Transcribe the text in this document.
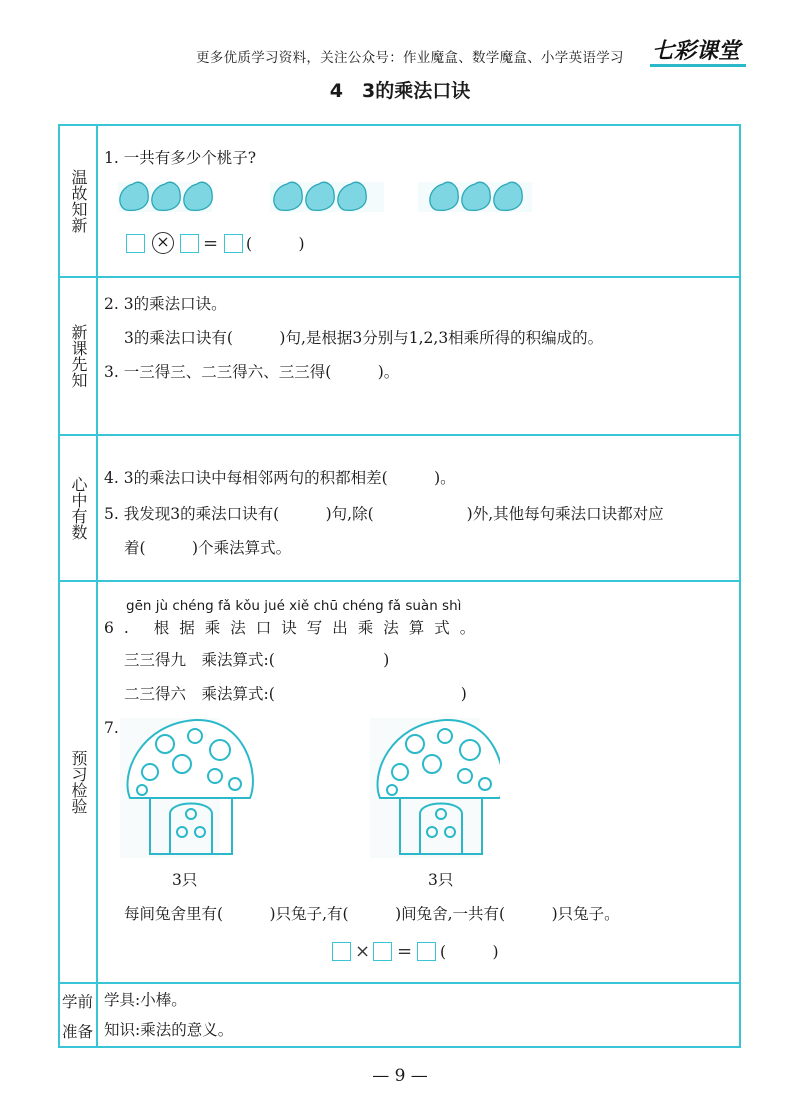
更多优质学习资料，关注公众号：作业魔盒、数学魔盒、小学英语学习 七彩课堂
4　3的乘法口诀
温故知新
新课先知
心中有数
预习检验
学前
准备
1. 一共有多少个桃子?
× = (　　　)
2. 3的乘法口诀。
3的乘法口诀有(　　　)句,是根据3分别与1,2,3相乘所得的积编成的。
3. 一三得三、二三得六、三三得(　　　)。
4. 3的乘法口诀中每相邻两句的积都相差(　　　)。
5. 我发现3的乘法口诀有(　　　)句,除(　　　　　　)外,其他每句乘法口诀都对应
着(　　　)个乘法算式。
gēn jù chéng fǎ kǒu jué xiě chū chéng fǎ suàn shì
6. 根据乘法口诀写出乘法算式。
三三得九　乘法算式:(　　　　　　　)
二三得六　乘法算式:(　　　　　　　　　　　　)
7.
3只	3只
每间兔舍里有(　　　)只兔子,有(　　　)间兔舍,一共有(　　　)只兔子。
× = (　　　)
学具:小棒。
知识:乘法的意义。
— 9 —
